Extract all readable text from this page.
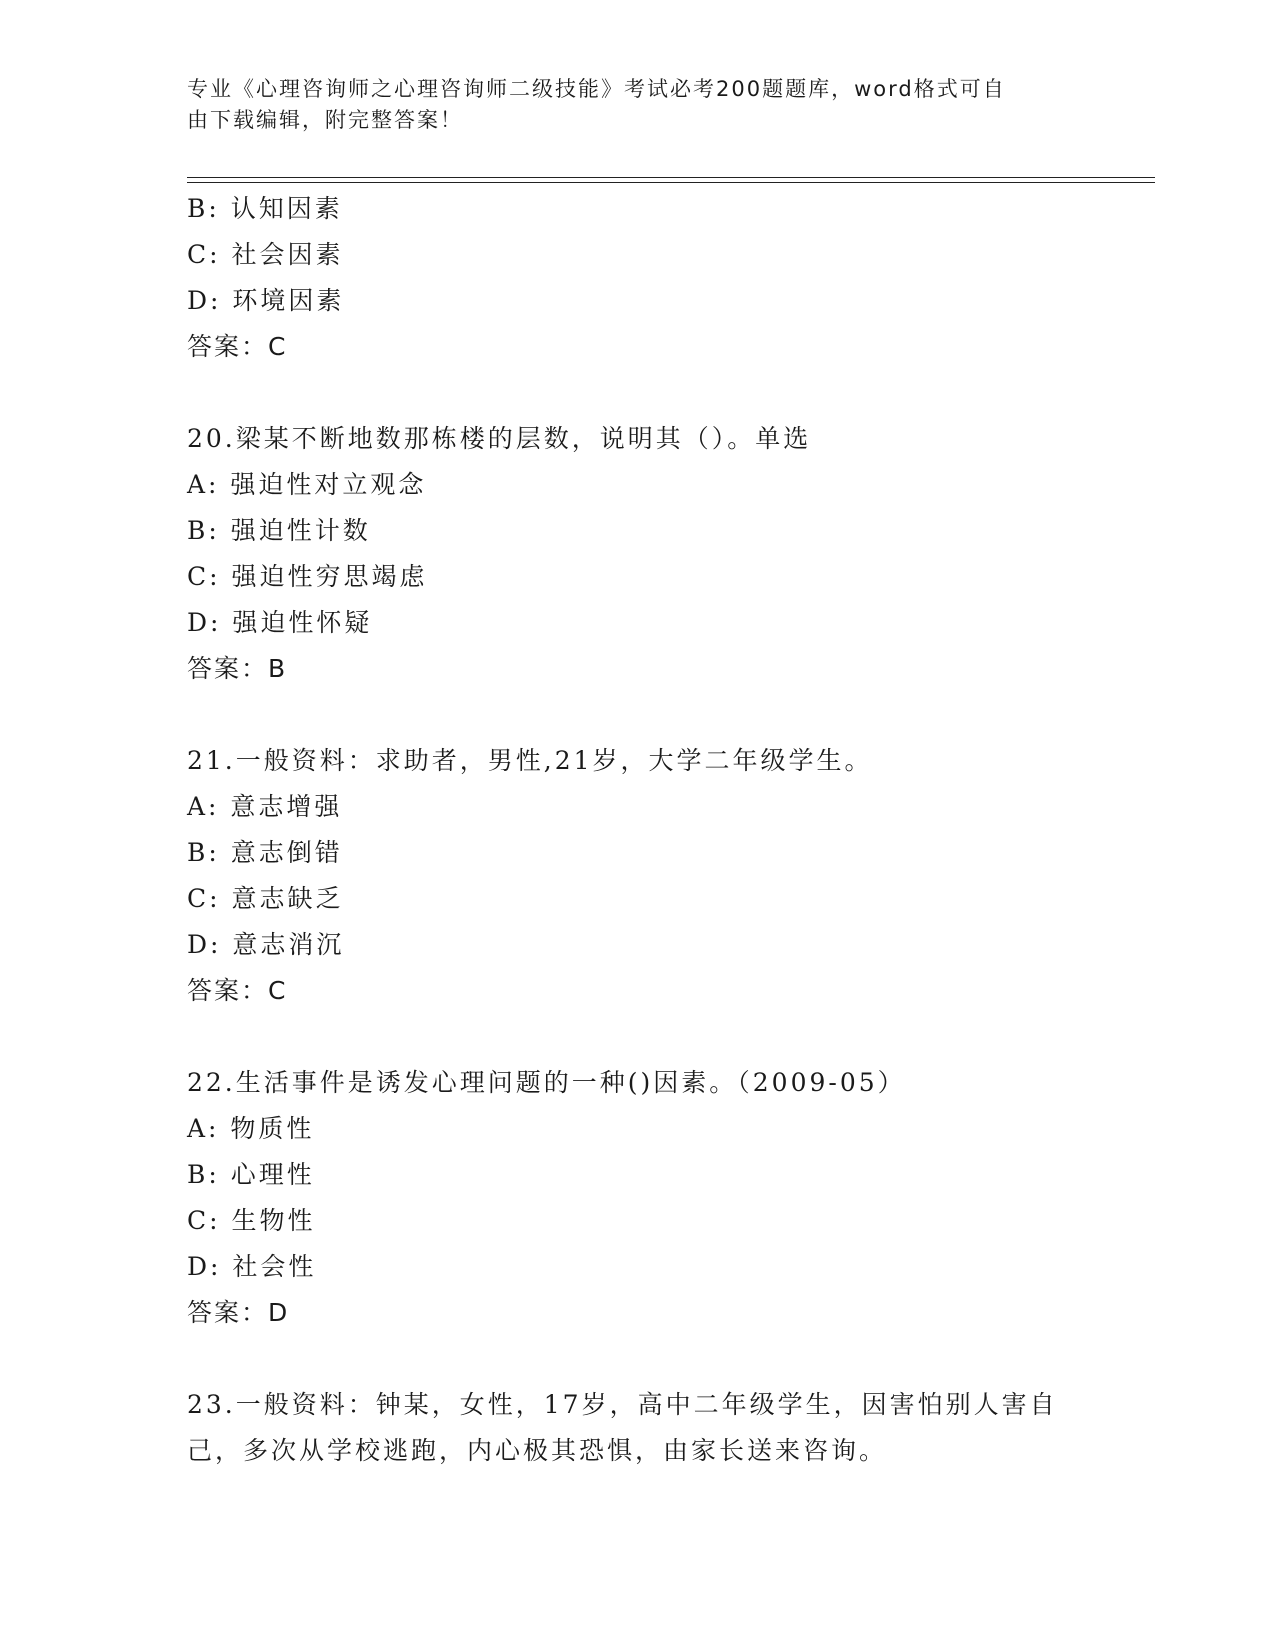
专业《心理咨询师之心理咨询师二级技能》考试必考200题题库，word格式可自
由下载编辑，附完整答案！
B: 认知因素
C: 社会因素
D: 环境因素
答案：C
20.梁某不断地数那栋楼的层数，说明其（）。单选
A: 强迫性对立观念
B: 强迫性计数
C: 强迫性穷思竭虑
D: 强迫性怀疑
答案：B
21.一般资料：求助者，男性,21岁，大学二年级学生。
A: 意志增强
B: 意志倒错
C: 意志缺乏
D: 意志消沉
答案：C
22.生活事件是诱发心理问题的一种()因素。（2009-05）
A: 物质性
B: 心理性
C: 生物性
D: 社会性
答案：D
23.一般资料：钟某，女性，17岁，高中二年级学生，因害怕别人害自
己，多次从学校逃跑，内心极其恐惧，由家长送来咨询。
